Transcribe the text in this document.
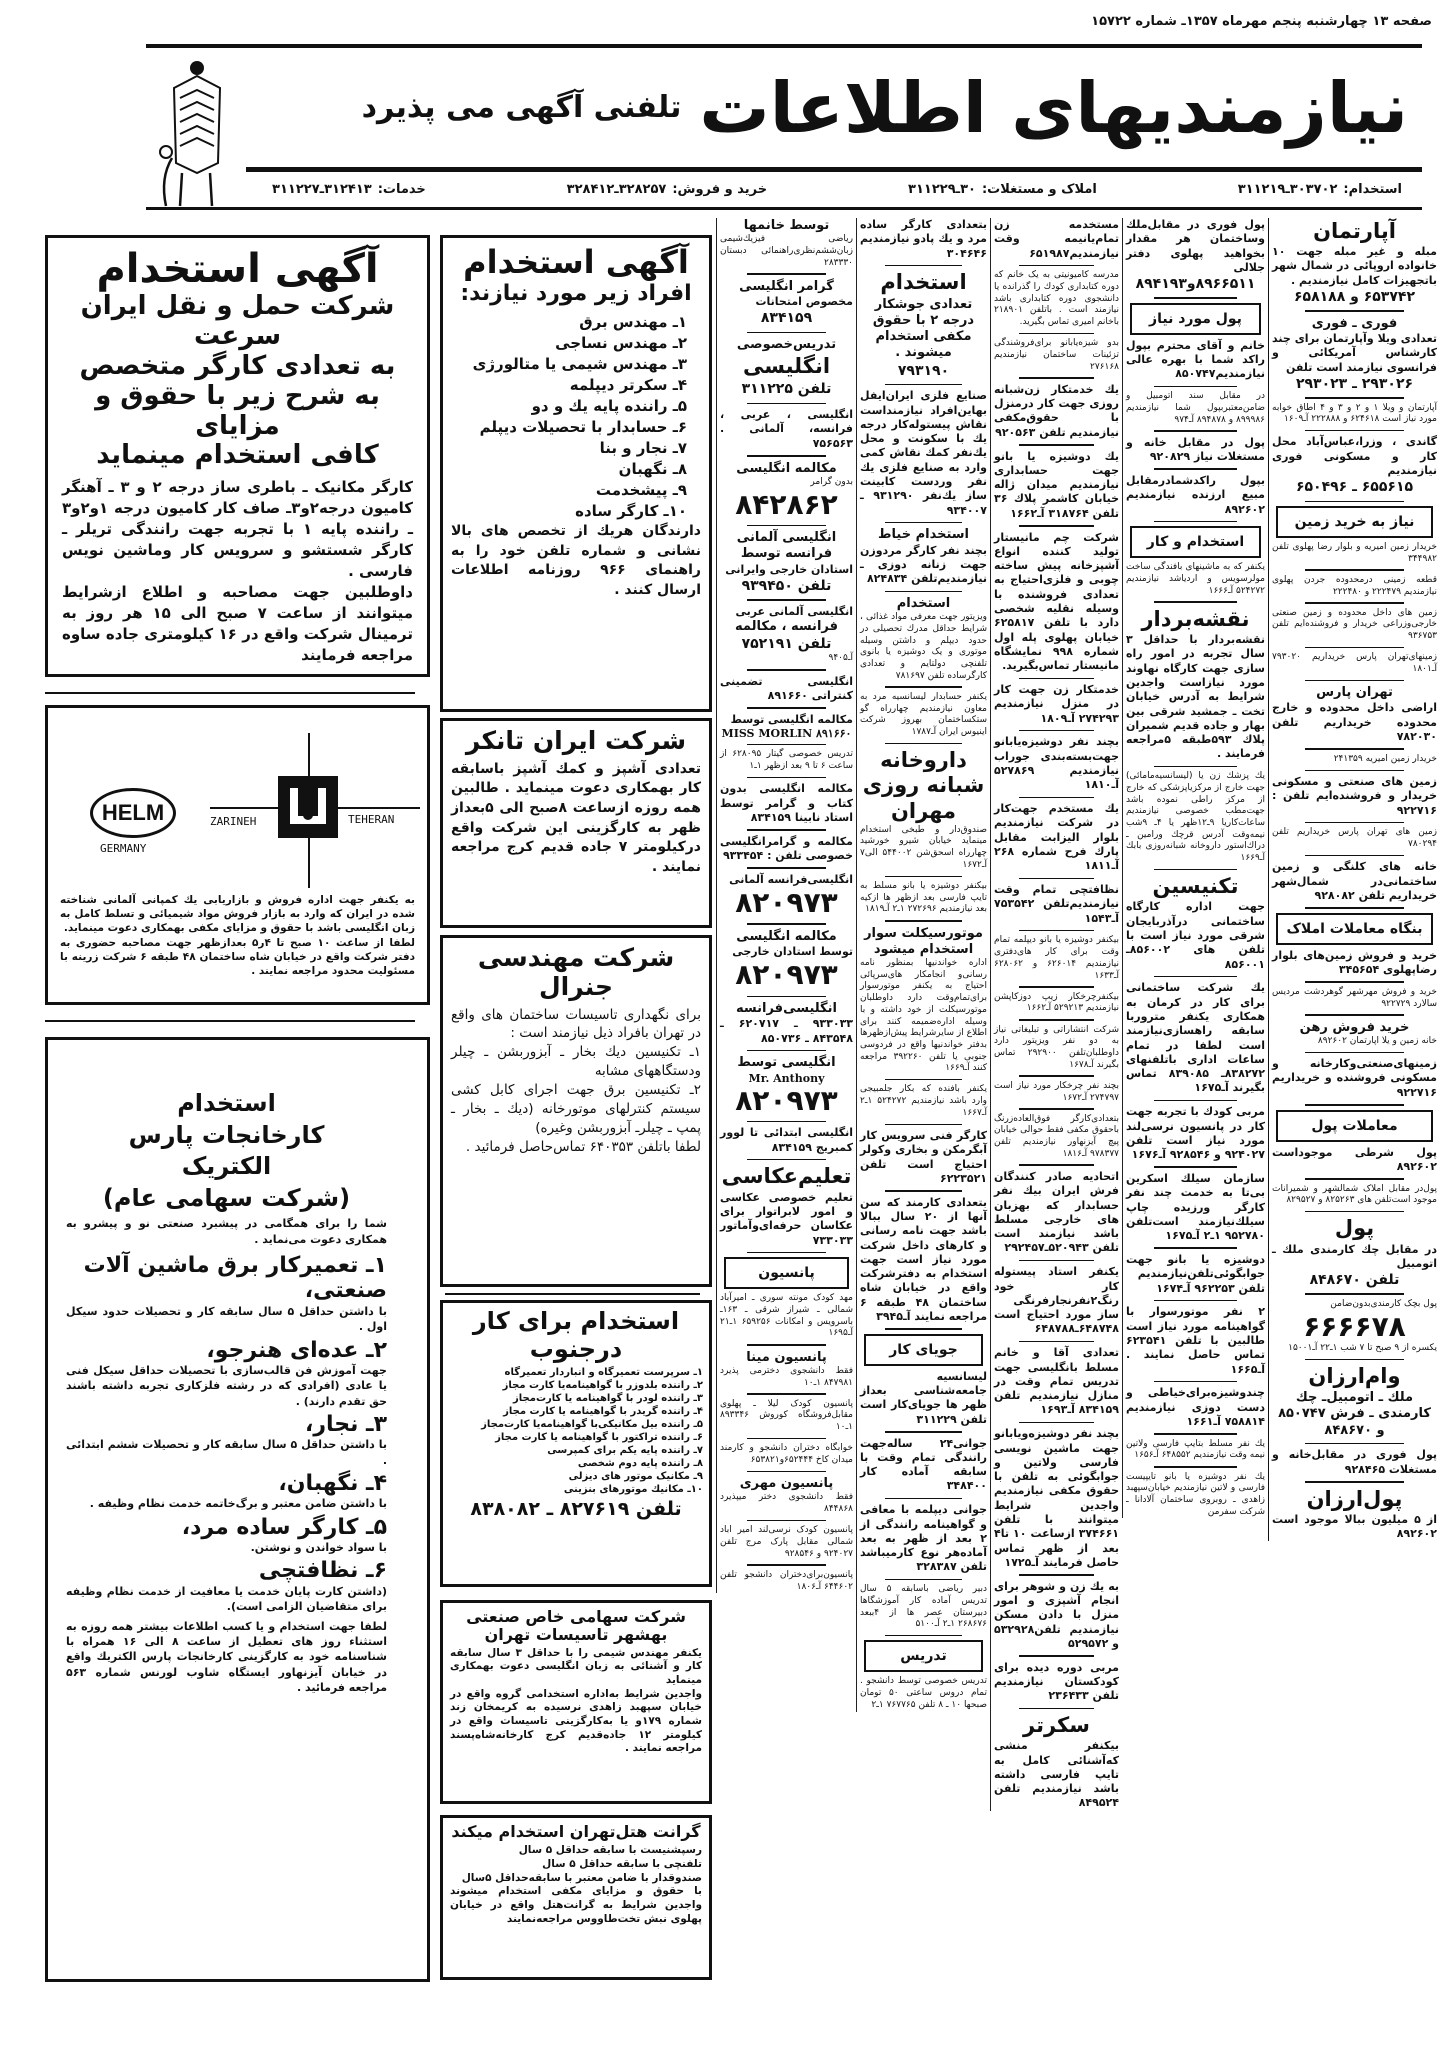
صفحه ۱۳ چهارشنبه پنجم مهرماه ۱۳۵۷ـ شماره ۱۵۷۲۲
نیازمندیهای اطلاعات
تلفنی آگهی می پذیرد
استخدام:۳۰۳۷۰۲ـ۳۱۱۲۱۹
املاک و مستغلات:۳۰ـ۳۱۱۲۲۹
خرید و فروش:۳۲۸۲۵۷ـ۳۲۸۴۱۲
خدمات:۳۱۲۴۱۳ـ۳۱۱۲۲۷
آگهی استخدام
شرکت حمل و نقل ایران سرعت
به تعدادی کارگر متخصص
به شرح زیر با حقوق و مزایای
کافی استخدام مینماید
کارگر مکانیک ـ باطری ساز درجه ۲ و ۳ ـ آهنگر کامیون درجه۲و۳ـ صاف کار کامیون درجه ۱و۲و۳ ـ راننده پایه ۱ با تجربه جهت رانندگی تریلر ـ کارگر شستشو و سرویس کار وماشین نویس فارسی .
داوطلبین جهت مصاحبه و اطلاع ازشرایط میتوانند از ساعت ۷ صبح الی ۱۵ هر روز به ترمینال شرکت واقع در ۱۶ کیلومتری جاده ساوه مراجعه فرمایند
HELM
GERMANY
ZARINEH	TEHERAN
به یکنفر جهت اداره فروش و بازاریابی یك کمپانی آلمانی شناخته شده در ایران که وارد به بازار فروش مواد شیمیائی و تسلط کامل به زبان انگلیسی باشد با حقوق و مزایای مکفی بهمکاری دعوت مینماید.
لطفا از ساعت ۱۰ صبح تا ۴ر۵ بعدازظهر جهت مصاحبه حضوری به دفتر شرکت واقع در خیابان شاه ساختمان ۴۸ طبقه ۶ شرکت زرینه با مسئولیت محدود مراجعه نمایند .
استخدام
کارخانجات پارس
الکتریک
(شرکت سهامی عام)
شما را برای همگامی در پیشبرد صنعتی نو و پیشرو به همکاری دعوت می‌نماید .
۱ـ تعمیرکار برق ماشین آلات صنعتی،
با داشتن حداقل ۵ سال سابقه کار و تحصیلات حدود سیکل اول .
۲ـ عده‌ای هنرجو،
جهت آموزش فن قالب‌سازی با تحصیلات حداقل سیکل فنی یا عادی (افرادی که در رشته فلزکاری تجربه داشته باشند حق تقدم دارند) .
۳ـ نجار،
با داشتن حداقل ۵ سال سابقه کار و تحصیلات ششم ابتدائی .
۴ـ نگهبان،
با داشتن ضامن معتبر و برگ‌خاتمه خدمت نظام وظیفه .
۵ـ کارگر ساده مرد،
با سواد خواندن و نوشتن.
۶ـ نظافتچی
(داشتن کارت پایان خدمت یا معافیت از خدمت نظام وظیفه برای متقاضیان الزامی است).
لطفا جهت استخدام و یا کسب اطلاعات بیشتر همه روزه به استثناء روز های تعطیل از ساعت ۸ الی ۱۶ همراه با شناسنامه خود به کارگزینی کارخانجات پارس الکتریك واقع در خیابان آیزنهاور ایستگاه شاوب لورنس شماره ۵۶۳ مراجعه فرمائید .
آگهی استخدام
افراد زیر مورد نیازند:
۱ـ مهندس برق
۲ـ مهندس نساجی
۳ـ مهندس شیمی یا متالورژی
۴ـ سکرتر دیپلمه
۵ـ راننده پایه یك و دو
۶ـ حسابدار با تحصیلات دیپلم
۷ـ نجار و بنا
۸ـ نگهبان
۹ـ پیشخدمت
۱۰ـ کارگر ساده
دارندگان هریك از تخصص های بالا نشانی و شماره تلفن خود را به راهنمای ۹۶۶ روزنامه اطلاعات ارسال کنند .
شرکت ایران تانکر
تعدادی آشپز و کمك آشپز باسابقه کار بهمکاری دعوت مینماید . طالبین همه روزه ازساعت ۸صبح الی ۵بعداز ظهر به کارگزینی این شرکت واقع درکیلومتر ۷ جاده قدیم کرج مراجعه نمایند .
شرکت مهندسی جنرال
برای نگهداری تاسیسات ساختمان های واقع در تهران بافراد ذیل نیازمند است :
۱ـ تکنیسین دیك بخار ـ آبزوربشن ـ چیلر ودستگاههای مشابه
۲ـ تکنیسین برق جهت اجرای کابل کشی سیستم کنترلهای موتورخانه (دیك ـ بخار ـ پمپ ـ چیلرـ آبزوربشن وغیره)
لطفا باتلفن ۶۴۰۳۵۳ تماس‌حاصل فرمائید .
استخدام برای کار
درجنوب
۱ـ سرپرست تعمیرگاه و انباردار تعمیرگاه
۲ـ راننده بلدوزر با گواهینامه‌یا کارت مجاز
۳ـ راننده لودر با گواهینامه یا کارت‌مجاز
۴ـ راننده گریدر با گواهینامه یا کارت مجاز
۵ـ راننده بیل مکانیکی‌با گواهینامه‌یا کارت‌مجاز
۶ـ راننده تراکتور با گواهینامه یا کارت مجاز
۷ـ راننده پایه یکم برای کمپرسی
۸ـ راننده پایه دوم شخصی
۹ـ مکانیک موتور های دیزلی
۱۰ـ مکانیك موتورهای بنزینی
تلفن ۸۲۷۶۱۹ ـ ۸۳۸۰۸۲
شرکت سهامی خاص صنعتی
بهشهر تاسیسات تهران
یکنفر مهندس شیمی را با حداقل ۳ سال سابقه کار و آشنائی به زبان انگلیسی دعوت بهمکاری مینماید
واجدین شرایط به‌اداره استخدامی گروه واقع در خیابان سپهبد زاهدی نرسیده به کریمخان زند شماره ۱۷۹و یا به‌کارگزینی تاسیسات واقع در کیلومتر ۱۲ جاده‌قدیم کرج کارخانه‌شاه‌پسند مراجعه نمایند .
گرانت هتل‌تهران استخدام میکند
رسپشنیست با سابقه حداقل ۵ سال
تلفنچی با سابقه حداقل ۵ سال
صندوقدار با ضامن معتبر با سابقه‌حداقل ۵سال
با حقوق و مزایای مکفی استخدام میشوند واجدین شرایط به گرانت‌هتل واقع در خیابان پهلوی نبش تخت‌طاووس مراجعه‌نمایند
آپارتمان
مبله و غیر مبله جهت ۱۰ خانواده اروپائی در شمال شهر باتجهیزات کامل نیازمندیم .
۶۵۳۷۴۲ و ۶۵۸۱۸۸
فوری ـ فوری
تعدادی ویلا وآپارتمان برای چند کارشناس آمریکائی و فرانسوی نیازمند است تلفن
۲۹۳۰۲۶ ـ ۲۹۳۰۲۳
آپارتمان و ویلا ۱ و ۲ و ۳ و ۴ اطاق خوابه مورد نیاز است ۶۲۴۶۱۸ و ۲۲۲۸۸۸ آـ۱۶۰۹
گاندی ، وزرا،عباس‌آباد محل کار و مسکونی فوری نیازمندیم
۶۵۵۶۱۵ ـ ۶۵۰۴۹۶
نیاز به خرید زمین
خریدار زمین امیریه و بلوار رضا پهلوی تلفن ۳۴۴۹۸۲
قطعه زمینی درمحدوده جردن پهلوی نیازمندیم ۲۲۲۴۷۹ و ۲۲۲۴۸۰
زمین های داخل محدوده و زمین صنعتی خارجی‌وزراعی خریدار و فروشنده‌ایم تلفن ۹۳۶۷۵۳
زمینهای‌تهران پارس خریداریم ۷۹۳۰۲۰ آـ۱۸۰۱
تهران پارس
اراضی داخل محدوده و خارج محدوده خریداریم تلفن ۷۸۲۰۳۰
خریدار زمین امیریه ۲۴۱۳۵۹
زمین های صنعتی و مسکونی خریدار و فروشنده‌ایم تلفن : ۹۲۲۷۱۶
زمین های تهران پارس خریداریم تلفن ۷۸۰۲۹۴
خانه های کلنگی و زمین ساختمانی‌در شمال‌شهر خریداریم تلفن ۹۲۸۰۸۲
بنگاه معاملات املاک
خرید و فروش زمین‌های بلوار رضاپهلوی ۳۴۵۶۵۴
خرید و فروش مهرشهر گوهردشت مردیس سالارد ۹۲۲۷۲۹
خرید فروش رهن
خانه زمین و یلا اپارتمان ۸۹۲۶۰۲
زمینهای‌صنعتی‌وکارخانه و مسکونی فروشنده و خریداریم ۹۲۲۷۱۶
معاملات پول
پول شرطی موجوداست ۸۹۲۶۰۲
پول‌در مقابل املاک شمالشهر و شمیرانات موجود است‌تلفن های ۸۲۵۲۶۳ و ۸۲۹۵۲۷
پول
در مقابل چك كارمندی ملك ـ اتومبیل
تلفن ۸۴۸۶۷۰
پول بچک کارمندی‌بدون‌ضامن
۶۶۶۶۷۸
یکسره از ۹ صبح تا ۷ شب ۱ـ۲۲ آـ۱۵۰۰۱
وام‌ارزان
ملك ـ اتومبیل‌ـ چك كارمندی ـ فرش ۸۵۰۷۴۷ و ۸۴۸۶۷۰
پول فوری در مقابل‌خانه و مستغلات ۹۲۸۴۶۵
پول‌ارزان
از ۵ میلیون ببالا موجود است ۸۹۲۶۰۲
پول فوری در مقابل‌ملك وساختمان هر مقدار بخواهید پهلوی دفتر جلالی
۸۹۶۶۵۱۱و۸۹۴۱۹۳
پول مورد نیاز
خانم و آقای محترم بپول راکد شما با بهره عالی نیازمندیم۸۵۰۷۴۷
در مقابل سند اتومبیل و ضامن‌معتبربپول شما نیازمندیم ۸۹۹۹۸۶ و ۸۹۴۸۷۸ آـ۹۷۴
پول در مقابل خانه و مستغلات نیاز ۹۲۰۸۲۹
بپول راکدشمادرمقابل مبیع ارزنده نیازمندیم ۸۹۲۶۰۲
استخدام و کار
یکنفر که به ماشینهای بافندگی ساخت مولرسویس و اردیاشد نیازمندیم ۵۲۴۲۷۲ آـ۱۶۶۶
نقشه‌بردار
نقشه‌بردار با حداقل ۳ سال تجربه در امور راه سازی جهت کارگاه نهاوند مورد نیازاست واجدین شرایط به آدرس خیابان تخت ـ جمشید شرقی بین بهار و جاده قدیم شمیران پلاك ۵۹۳طبقه ۵مراجعه فرمایند .
یك پزشك زن یا (لیسانسیه‌مامائی) جهت خارج از مرکز‌یاپزشکی که خارج از مرکز راطی نموده باشد جهت‌مطب خصوصی نیازمندیم ساعات‌کار‌یا ۹ـ۱۲ظهر یا ۴ـ ۹شب نیمه‌وقت آدرس قرچك ورامین ـ دراك‌استور داروخانه شبانه‌روزی بابك آـ۱۶۶۹
تکنیسین
جهت اداره کارگاه ساختمانی درآذربایجان شرقی مورد نیاز است با تلفن های ۸۵۶۰۰۲ـ ۸۵۶۰۰۱
یك شرکت ساختمانی برای کار در کرمان به همکاری یکنفر متروربا سابقه راهسازی‌نیازمند است لطفا در تمام ساعات اداری باتلفنهای ۸۳۸۲۷۲ـ ۸۳۹۰۸۵ تماس بگیرند آـ۱۶۷۵
مربی کودك با تجربه جهت کار در پانسیون نرسی‌لند مورد نیاز است تلفن ۹۲۴۰۲۷ و ۹۲۸۵۴۶ آـ۱۶۷۶
سازمان سیلك اسکرین بی‌تا به خدمت چند نفر کارگر ورزیده چاپ سیلك‌نیازمند است‌تلفن ۹۵۲۷۸۰ ۱ـ۲ آـ۱۶۷۵
دوشیزه یا بانو جهت جوابگوئی‌تلفن‌نیازمندیم تلفن ۹۶۲۲۵۳ آـ۱۶۷۴
۲ نفر موتورسوار با گواهینامه مورد نیاز است طالبین با تلفن ۶۲۳۵۴۱ تماس حاصل نمایند . آـ۱۶۶۵
چندوشیزه‌برای‌خیاطی و دست دوزی نیازمندیم ۷۵۸۸۱۴ آـ۱۶۶۱
یك نفر مسلط بتایپ فارسی ولاتین نیمه وقت نیازمندیم ۶۴۸۵۵۲ آـ۱۶۵۶
یك نفر دوشیزه یا بانو تایپیست فارسی و لاتین نیازمندیم خیابان‌سپهبد زاهدی ـ روبروی ساختمان آلادانا ـ شرکت سفرمن
مستخدمه زن تمام‌یانیمه وقت نیازمندیم۶۵۱۹۸۷
مدرسه کامیونیتی به یک خانم که دوره کتابداری کودك را گذرانده یا دانشجوی دوره کتابداری باشد نیازمند است . باتلفن ۲۱۸۹۰۱ باخانم امیری تماس بگیرید.
بدو شیزه‌یابانو برای‌فروشندگی تزئینات ساختمان نیازمندیم ۲۷۶۱۶۸
یك خدمتکار زن‌شبانه روزی جهت کار درمنزل با حقوق‌مکفی نیازمندیم تلفن ۹۲۰۵۶۳
یك دوشیزه یا بانو جهت حسابداری نیازمندیم میدان ژاله خیابان کاشمر پلاك ۳۶ تلفن ۳۱۸۷۶۴ آـ۱۶۶۲
شرکت چم مانیستار تولید کننده انواع آشپزخانه پیش ساخته چوبی و فلزی‌احتیاج به تعدادی فروشنده با وسیله نقلیه شخصی دارد با تلفن ۶۲۵۸۱۷ خیابان پهلوی پله اول شماره ۹۹۸ نمایشگاه مانیستار تماس‌بگیرید.
خدمتکار زن جهت کار در منزل نیازمندیم ۲۷۴۲۹۳ آـ۱۸۰۹
بچند نفر دوشیزه‌یابانو جهت‌بسته‌بندی جوراب نیازمندیم ۵۲۷۸۶۹ آـ۱۸۱۰
یك مستخدم جهت‌کار در شرکت نیازمندیم بلوار الیزابت مقابل پارك فرح شماره ۲۶۸ آـ۱۸۱۱
نظافتچی تمام وقت نیازمندیم‌تلفن ۷۵۳۵۴۲ آـ۱۵۴۳
بیکنفر دوشیزه یا بانو دیپلمه تمام وقت برای کار های‌دفتری نیازمندیم ۶۲۶۰۱۴ و ۶۲۸۰۶۲ آـ۱۶۳۳
بیکنفرچرخکار زیپ دوزکاپشن نیازمندیم ۵۲۹۲۱۳ آـ۱۶۶۲
شرکت انتشاراتی و تبلیغاتی نیاز به دو نفر ویزیتور دارد داوطلبان‌تلفن ۲۹۲۹۰۰ تماس بگیرند آـ۱۶۷۸
بچند نفر چرخکار مورد نیاز است ۲۷۴۷۹۷ آـ۱۶۷۲
بتعدادی‌کارگر فوق‌العاده‌زرنگ باحقوق مکفی فقط حوالی خیابان‌ پیچ آیزنهاور نیازمندیم تلفن ۹۷۸۳۷۷ آـ۱۸۱۶
اتحادیه صادر کنندگان فرش ایران بیك نفر حسابدار که بهزبان های خارجی مسلط باشد نیازمند است تلفن ۵۲۰۹۴۳ـ۲۹۲۴۵۷
یکنفر استاد پیستوله کار خود رنگ۲نفرنجارفرنگی ساز مورد احتیاج است ۶۴۸۷۴۸ـ۶۴۸۷۸۸
تعدادی آقا و خانم مسلط بانگلیسی جهت تدریس تمام وقت در منازل نیازمندیم تلفن ۸۳۴۱۵۹ آـ۱۶۹۳
بچند نفر دوشیزه‌ویابانو جهت ماشین نویسی فارسی ولاتین و جوابگوئی به تلفن با حقوق مکفی نیازمندیم واجدین شرایط میتوانند با تلفن ۳۷۴۶۶۱ ازساعت ۱۰ تا۴ بعد از ظهر تماس حاصل فرمایند آـ۱۷۲۵
به یك زن و شوهر برای انجام آشپزی و امور منزل با دادن مسکن نیازمندیم تلفن۵۳۲۹۲۸ و ۵۲۹۵۷۲
مربی دوره دیده برای کودکستان نیازمندیم تلفن ۲۳۶۴۳۳
سکرتر
بیکنفر منشی که‌آشنائی کامل به تایپ فارسی داشته باشد نیازمندیم تلفن ۸۴۹۵۲۴
بتعدادی کارگر ساده مرد و یك پادو نیازمندیم ۳۰۴۶۴۶
استخدام
تعدادی جوشکار درجه ۲ با حقوق مکفی استخدام میشوند .
۷۹۳۱۹۰
صنایع فلزی ایران‌ایفل بهاین‌افراد نیازمنداست نقاش پیستوله‌کار درجه یك با سکونت و محل یك‌نفر کمك نقاش کمی وارد به صنایع فلزی یك نفر وردست کابینت ساز یك‌نفر ۹۳۱۲۹۰ ـ ۹۳۴۰۰۷
استخدام خیاط
بچند نفر کارگر مردوزن جهت زنانه دوزی ـ نیازمندیم‌تلفن ۸۲۴۸۳۴
استخدام
ویزیتور جهت معرفی مواد غذائی ، شرایط حداقل مدرك تحصیلی در حدود دیپلم و داشتن وسیله موتوری و یک دوشیزه یا بانوی تلفنچی دولتایم و تعدادی کارگرساده تلفن ۷۸۱۶۹۷
یکنفر حسابدار لیسانسیه مرد به معاون نیازمندیم چهارراه گو ستکساختمان بهروز شرکت اینیوس ایران آـ۱۷۸۷
داروخانه شبانه روزی مهران
صندوق‌دار و طبخی استخدام مینماید خیابان شیرو خورشید چهارراه اسحق‌شن ۵۴۴۰۰۲ الی۷ آـ۱۶۷۲
بیکنفر دوشیزه یا بانو مسلط به تایپ فارسی بعد ازظهر ها ازکیه بعد نیازمندیم ۲۷۲۶۹۶ ۱ـ۲ آـ۱۸۱۹
موتورسیکلت سوار استخدام میشود
اداره خواندنیها بمنظور نامه رسانی‌و انجامکار های‌سرپائی احتیاج به یکنفر موتورسوار برای‌تمام‌وقت دارد داوطلبان موتورسیکلت از خود داشته و با وسیله اداره‌ضمیمه کنند برای اطلاع از سایرشرایط پیش‌ازظهرها بدفتر خواندنیها واقع در فردوسی جنوبی یا تلفن ۳۹۲۲۶۰ مراجعه کنند آـ۱۶۶۹
یکنفر بافنده که بکار جلمبیجی وارد باشد نیازمندیم ۵۲۴۲۷۲ ۱ـ۲ آـ۱۶۶۷
کارگر فنی سرویس کار آبگرمکن و بخاری وکولر احتیاج است تلفن ۶۲۲۳۵۲۱
بتعدادی کارمند که سن آنها از ۲۰ سال ببالا باشد جهت نامه رسانی و کارهای داخل شرکت مورد نیاز است جهت استخدام به دفترشرکت واقع در خیابان شاه ساختمان ۴۸ طبقه ۶ مراجعه نمایند آـ۳۹۴۵
جویای کار
لیسانسیه جامعه‌شناسی بعداز ظهر ها جویای‌کار است تلفن ۳۱۱۲۲۹
جوانی۲۴ ساله‌جهت رانندگی تمام وقت با سابقه آماده کار ۳۴۸۴۰۰
جوانی دیپلمه با معافی و گواهینامه رانندگی از ۲ بعد از ظهر به بعد آماده‌هر نوع کارمیباشد تلفن ۳۲۸۳۸۷
دبیر ریاضی باسابقه ۵ سال تدریس آماده کار آموزشگاها دبیرستان عصر ها از ۴ببعد ۲۶۸۶۷۶ ۱ـ۲ آـ۵۱۰۰
تدریس
تدریس خصوصی توسط دانشجو . تمام دروس ساعتی ۵۰ تومان صبحها ۱۰ ـ ۸ تلفن ۷۶۷۷۶۵ ۱ـ۲
توسط خانمها
ریاضی فیزیك‌شیمی زبان‌ششم‌نظری‌راهنمائی دبستان ۲۸۳۳۳۰
گرامر انگلیسی
مخصوص امتحانات
۸۳۴۱۵۹
تدریس‌خصوصی
انگلیسی
تلفن ۳۱۱۲۲۵
انگلیسی ، عربی ، فرانسه، آلمانی . ۷۵۶۵۶۳
مکالمه انگلیسی
بدون گرامر
۸۴۲۸۶۲
انگلیسی آلمانی فرانسه توسط
استادان خارجی وایرانی
تلفن ۹۳۹۴۵۰
انگلیسی آلمانی عربی
فرانسه ، مکالمه
تلفن ۷۵۲۱۹۱
آـ۹۴۰۵
انگلیسی تضمینی کنتراتی ۸۹۱۶۶۰
مکالمه انگلیسی توسط
MISS MORLIN ۸۹۱۶۶۰
تدریس خصوصی گیتار ۶۲۸۰۹۵ از ساعت ۶ تا ۹ بعد ازظهر ۱ـ۱
مکالمه انگلیسی بدون کتاب و گرامر توسط استاد نابینا ۸۳۴۱۵۹
مکالمه و گرامرانگلیسی خصوصی تلفن : ۹۳۳۴۵۴
انگلیسی‌فرانسه آلمانی
۸۲۰۹۷۳
مکالمه انگلیسی
توسط استادان خارجی
۸۲۰۹۷۳
انگلیسی‌فرانسه
۹۳۳۰۳۳ ـ ۶۲۰۷۱۷ ـ ۸۴۳۵۴۸ ـ ۸۵۰۷۳۶
انگلیسی توسط
Mr. Anthony
۸۲۰۹۷۳
انگلیسی ابتدائی تا لوور کمبریج ۸۳۴۱۵۹
تعلیم‌عکاسی
تعلیم خصوصی عکاسی و امور لابراتوار برای عکاسان حرفه‌ای‌وآماتور ۷۳۳۰۳۳
پانسیون
مهد کودک مونته سوری ـ امیرآباد شمالی ـ شیراز شرقی ـ ۱۶۳ـ باسرویس و امکانات ۶۵۹۲۵۶ ۱ـ۲۱ آـ۱۶۹۵
پانسیون مینا
فقط دانشجوی دخترمی پذیرد ۸۴۷۹۸۱ ۱ـ۱۰
پانسیون کودک لیلا ـ پهلوی مقابل‌فروشگاه کوروش ۸۹۳۳۴۶ ۱ـ۱۰
خوابگاه دختران دانشجو و کارمند میدان کاخ ۶۵۲۴۴۴و۶۵۳۸۲۱
پانسیون مهری
فقط دانشجوی دختر میپذیرد ۸۴۴۸۶۸
پانسیون کودک نرسی‌لند امیر اباد شمالی مقابل پارک مرج تلفن ۹۲۴۰۲۷ و ۹۲۸۵۴۶
پانسیون‌برای‌دختران دانشجو تلفن ۶۴۴۶۰۲ آـ۱۸۰۶
